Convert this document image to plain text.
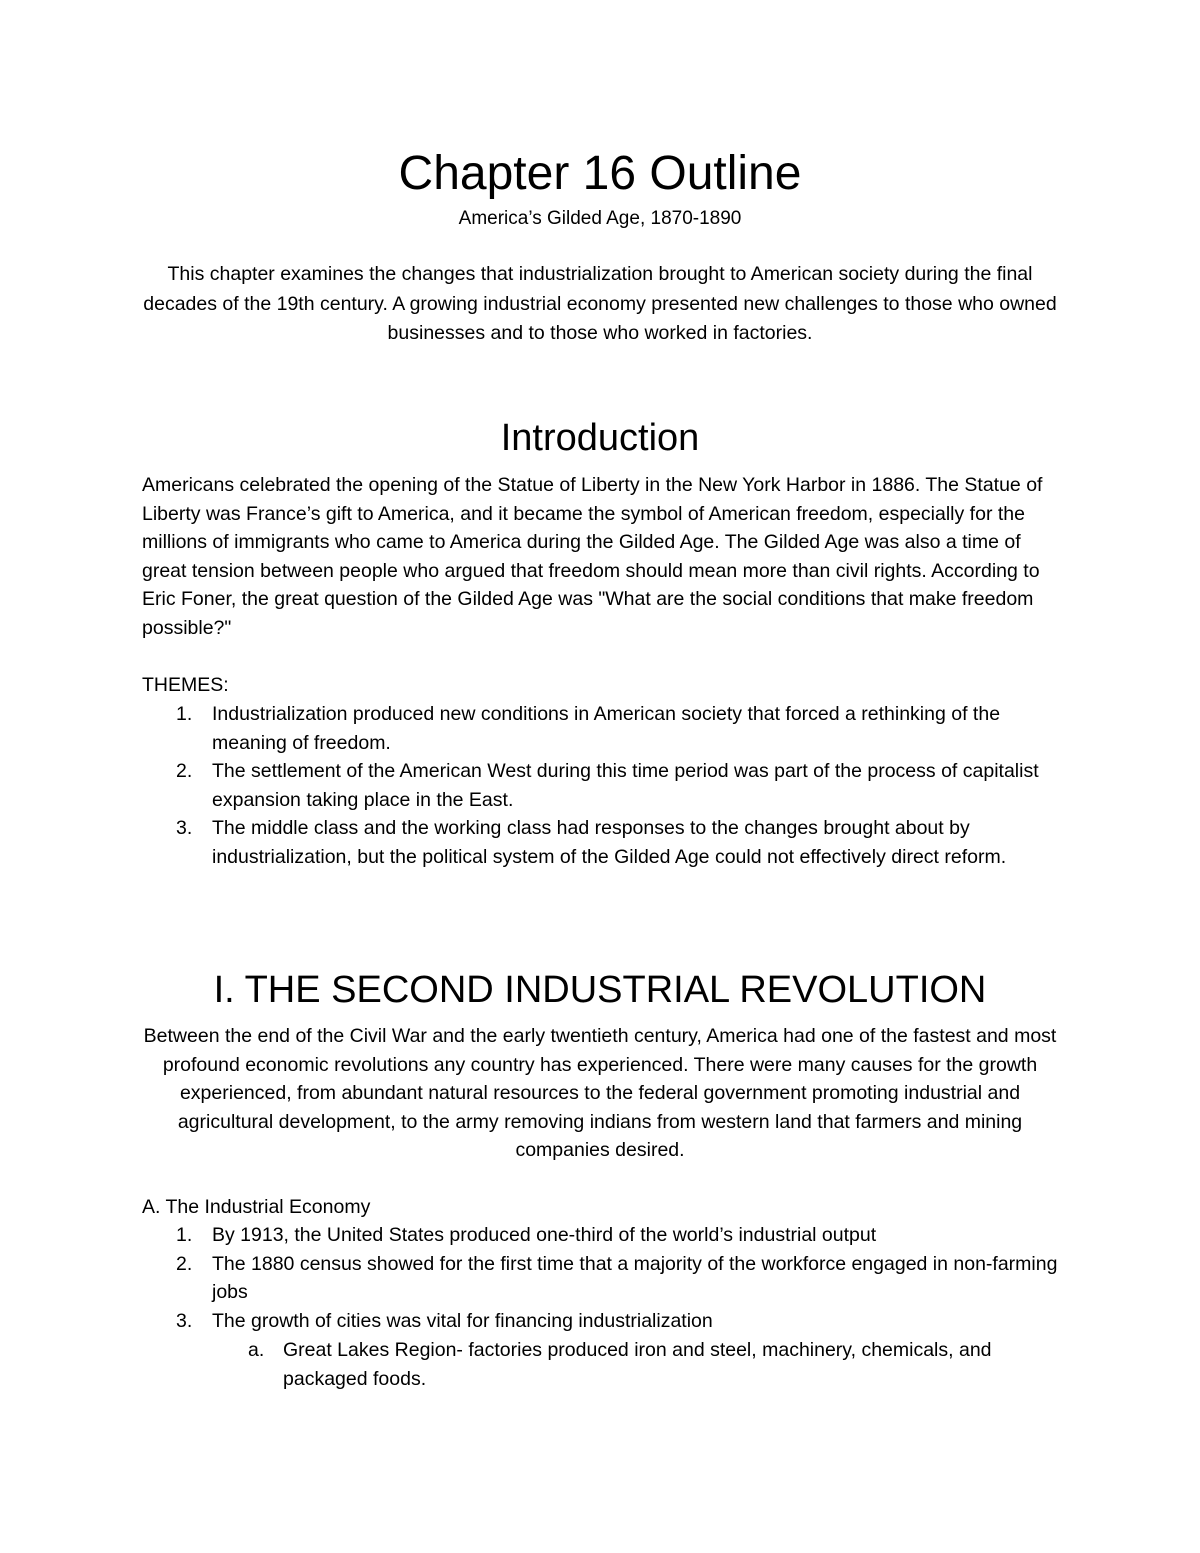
Chapter 16 Outline

America’s Gilded Age, 1870-1890

This chapter examines the changes that industrialization brought to American society during the final decades of the 19th century. A growing industrial economy presented new challenges to those who owned businesses and to those who worked in factories.

Introduction

Americans celebrated the opening of the Statue of Liberty in the New York Harbor in 1886. The Statue of Liberty was France’s gift to America, and it became the symbol of American freedom, especially for the millions of immigrants who came to America during the Gilded Age. The Gilded Age was also a time of great tension between people who argued that freedom should mean more than civil rights. According to Eric Foner, the great question of the Gilded Age was "What are the social conditions that make freedom possible?"

THEMES:

1. Industrialization produced new conditions in American society that forced a rethinking of the meaning of freedom.
2. The settlement of the American West during this time period was part of the process of capitalist expansion taking place in the East.
3. The middle class and the working class had responses to the changes brought about by industrialization, but the political system of the Gilded Age could not effectively direct reform.
I. THE SECOND INDUSTRIAL REVOLUTION

Between the end of the Civil War and the early twentieth century, America had one of the fastest and most profound economic revolutions any country has experienced. There were many causes for the growth experienced, from abundant natural resources to the federal government promoting industrial and agricultural development, to the army removing indians from western land that farmers and mining companies desired.

A. The Industrial Economy

1. By 1913, the United States produced one-third of the world’s industrial output
2. The 1880 census showed for the first time that a majority of the workforce engaged in non-farming jobs
3. The growth of cities was vital for financing industrialization
a. Great Lakes Region- factories produced iron and steel, machinery, chemicals, and packaged foods.
